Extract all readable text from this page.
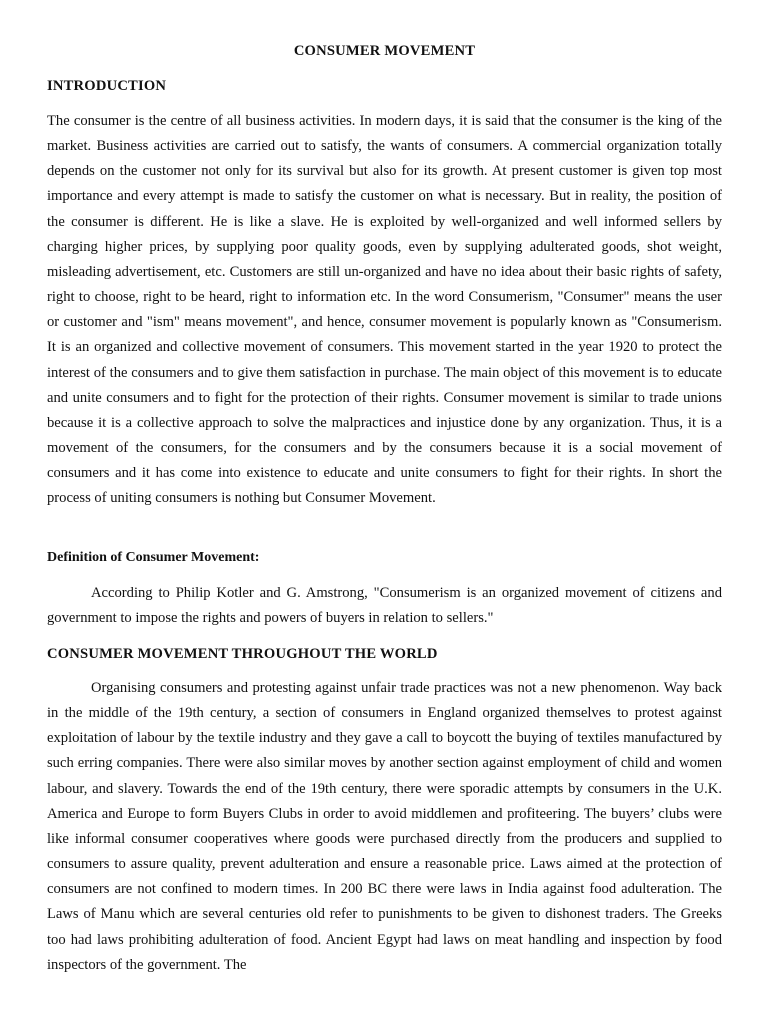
CONSUMER MOVEMENT
INTRODUCTION

The consumer is the centre of all business activities. In modern days, it is said that the consumer is the king of the market. Business activities are carried out to satisfy, the wants of consumers. A commercial organization totally depends on the customer not only for its survival but also for its growth. At present customer is given top most importance and every attempt is made to satisfy the customer on what is necessary. But in reality, the position of the consumer is different. He is like a slave. He is exploited by well-organized and well informed sellers by charging higher prices, by supplying poor quality goods, even by supplying adulterated goods, shot weight, misleading advertisement, etc. Customers are still un-organized and have no idea about their basic rights of safety, right to choose, right to be heard, right to information etc. In the word Consumerism, "Consumer" means the user or customer and "ism" means movement", and hence, consumer movement is popularly known as "Consumerism. It is an organized and collective movement of consumers. This movement started in the year 1920 to protect the interest of the consumers and to give them satisfaction in purchase. The main object of this movement is to educate and unite consumers and to fight for the protection of their rights. Consumer movement is similar to trade unions because it is a collective approach to solve the malpractices and injustice done by any organization. Thus, it is a movement of the consumers, for the consumers and by the consumers because it is a social movement of consumers and it has come into existence to educate and unite consumers to fight for their rights. In short the process of uniting consumers is nothing but Consumer Movement.

Definition of Consumer Movement:

According to Philip Kotler and G. Amstrong, "Consumerism is an organized movement of citizens and government to impose the rights and powers of buyers in relation to sellers."

CONSUMER MOVEMENT THROUGHOUT THE WORLD

Organising consumers and protesting against unfair trade practices was not a new phenomenon. Way back in the middle of the 19th century, a section of consumers in England organized themselves to protest against exploitation of labour by the textile industry and they gave a call to boycott the buying of textiles manufactured by such erring companies. There were also similar moves by another section against employment of child and women labour, and slavery. Towards the end of the 19th century, there were sporadic attempts by consumers in the U.K. America and Europe to form Buyers Clubs in order to avoid middlemen and profiteering. The buyers’ clubs were like informal consumer cooperatives where goods were purchased directly from the producers and supplied to consumers to assure quality, prevent adulteration and ensure a reasonable price. Laws aimed at the protection of consumers are not confined to modern times. In 200 BC there were laws in India against food adulteration. The Laws of Manu which are several centuries old refer to punishments to be given to dishonest traders. The Greeks too had laws prohibiting adulteration of food. Ancient Egypt had laws on meat handling and inspection by food inspectors of the government. The
